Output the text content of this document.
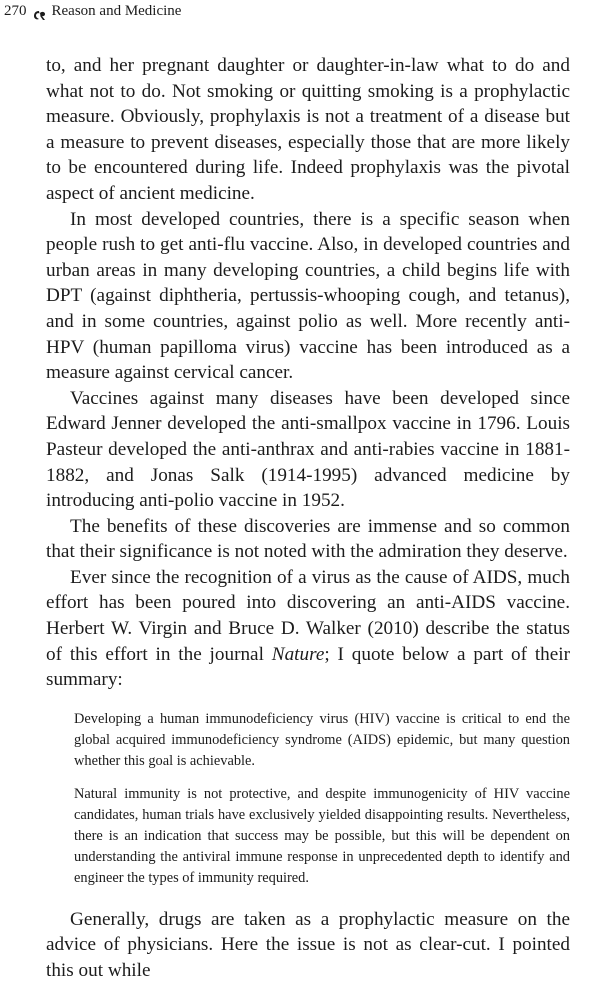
270 Reason and Medicine

to, and her pregnant daughter or daughter-in-law what to do and what not to do. Not smoking or quitting smoking is a prophylactic measure. Obviously, prophylaxis is not a treatment of a disease but a measure to prevent diseases, especially those that are more likely to be encountered during life. Indeed prophylaxis was the pivotal aspect of ancient medicine.

In most developed countries, there is a specific season when people rush to get anti-flu vaccine. Also, in developed countries and urban areas in many developing countries, a child begins life with DPT (against diphtheria, pertussis-whooping cough, and tetanus), and in some countries, against polio as well. More recently anti-HPV (human papilloma virus) vaccine has been introduced as a measure against cervical cancer.

Vaccines against many diseases have been developed since Edward Jenner developed the anti-smallpox vaccine in 1796. Louis Pasteur developed the anti-anthrax and anti-rabies vaccine in 1881-1882, and Jonas Salk (1914-1995) advanced medicine by introducing anti-polio vaccine in 1952.

The benefits of these discoveries are immense and so common that their significance is not noted with the admiration they deserve.

Ever since the recognition of a virus as the cause of AIDS, much effort has been poured into discovering an anti-AIDS vaccine. Herbert W. Virgin and Bruce D. Walker (2010) describe the status of this effort in the journal Nature; I quote below a part of their summary:

Developing a human immunodeficiency virus (HIV) vaccine is critical to end the global acquired immunodeficiency syndrome (AIDS) epidemic, but many question whether this goal is achievable.

Natural immunity is not protective, and despite immunogenicity of HIV vaccine candidates, human trials have exclusively yielded disappointing results. Nevertheless, there is an indication that success may be possible, but this will be dependent on understanding the antiviral immune response in unprecedented depth to identify and engineer the types of immunity required.

Generally, drugs are taken as a prophylactic measure on the advice of physicians. Here the issue is not as clear-cut. I pointed this out while
